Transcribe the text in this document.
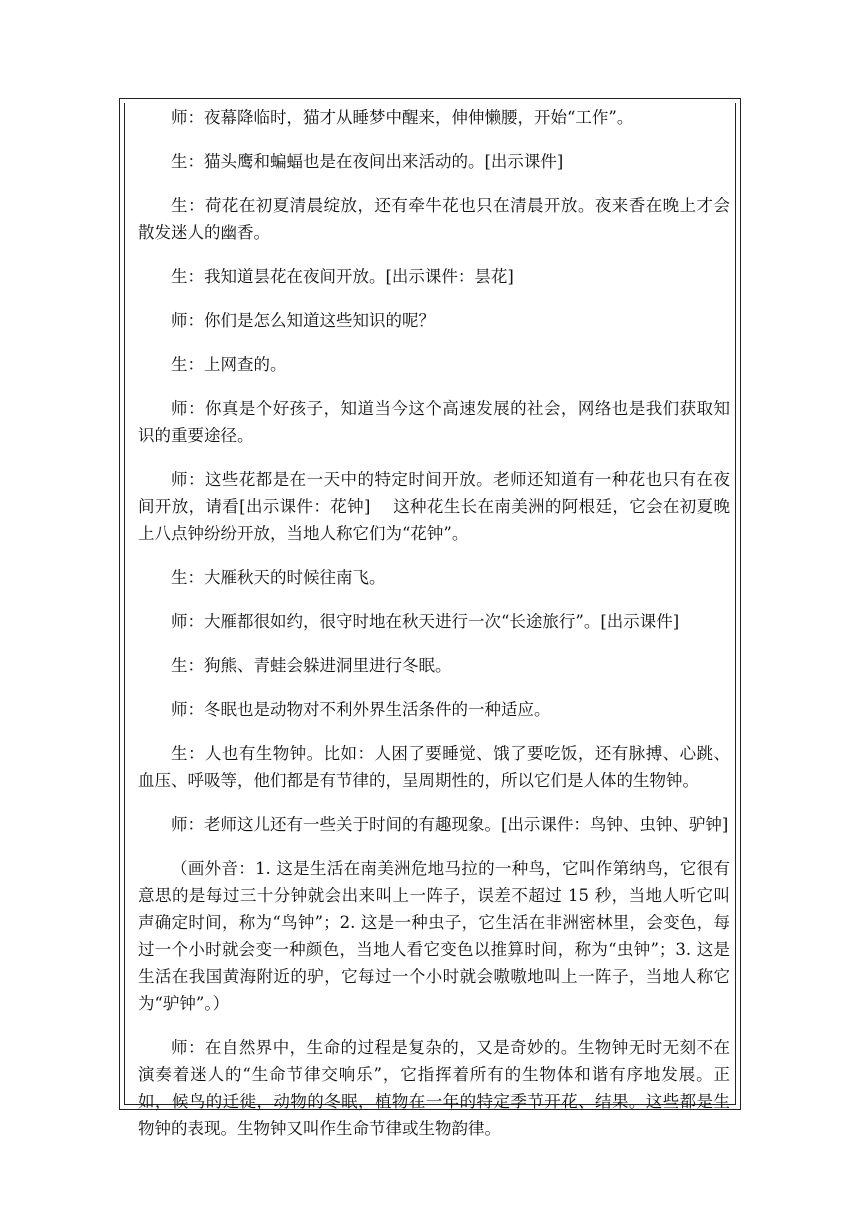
师：夜幕降临时，猫才从睡梦中醒来，伸伸懒腰，开始“工作”。

生：猫头鹰和蝙蝠也是在夜间出来活动的。[出示课件]

生：荷花在初夏清晨绽放，还有牵牛花也只在清晨开放。夜来香在晚上才会散发迷人的幽香。

生：我知道昙花在夜间开放。[出示课件：昙花]

师：你们是怎么知道这些知识的呢？

生：上网查的。

师：你真是个好孩子，知道当今这个高速发展的社会，网络也是我们获取知识的重要途径。

师：这些花都是在一天中的特定时间开放。老师还知道有一种花也只有在夜间开放，请看[出示课件：花钟]　 这种花生长在南美洲的阿根廷，它会在初夏晚上八点钟纷纷开放，当地人称它们为“花钟”。

生：大雁秋天的时候往南飞。

师：大雁都很如约，很守时地在秋天进行一次“长途旅行”。[出示课件]

生：狗熊、青蛙会躲进洞里进行冬眠。

师：冬眠也是动物对不利外界生活条件的一种适应。

生：人也有生物钟。比如：人困了要睡觉、饿了要吃饭，还有脉搏、心跳、血压、呼吸等，他们都是有节律的，呈周期性的，所以它们是人体的生物钟。

师：老师这儿还有一些关于时间的有趣现象。[出示课件：鸟钟、虫钟、驴钟]

（画外音：1. 这是生活在南美洲危地马拉的一种鸟，它叫作第纳鸟，它很有意思的是每过三十分钟就会出来叫上一阵子，误差不超过 15 秒，当地人听它叫声确定时间，称为“鸟钟”；2. 这是一种虫子，它生活在非洲密林里，会变色，每过一个小时就会变一种颜色，当地人看它变色以推算时间，称为“虫钟”；3. 这是生活在我国黄海附近的驴，它每过一个小时就会嗷嗷地叫上一阵子，当地人称它为“驴钟”。）

师：在自然界中，生命的过程是复杂的，又是奇妙的。生物钟无时无刻不在演奏着迷人的“生命节律交响乐”，它指挥着所有的生物体和谐有序地发展。正如，候鸟的迁徙，动物的冬眠，植物在一年的特定季节开花、结果。这些都是生物钟的表现。生物钟又叫作生命节律或生物韵律。
